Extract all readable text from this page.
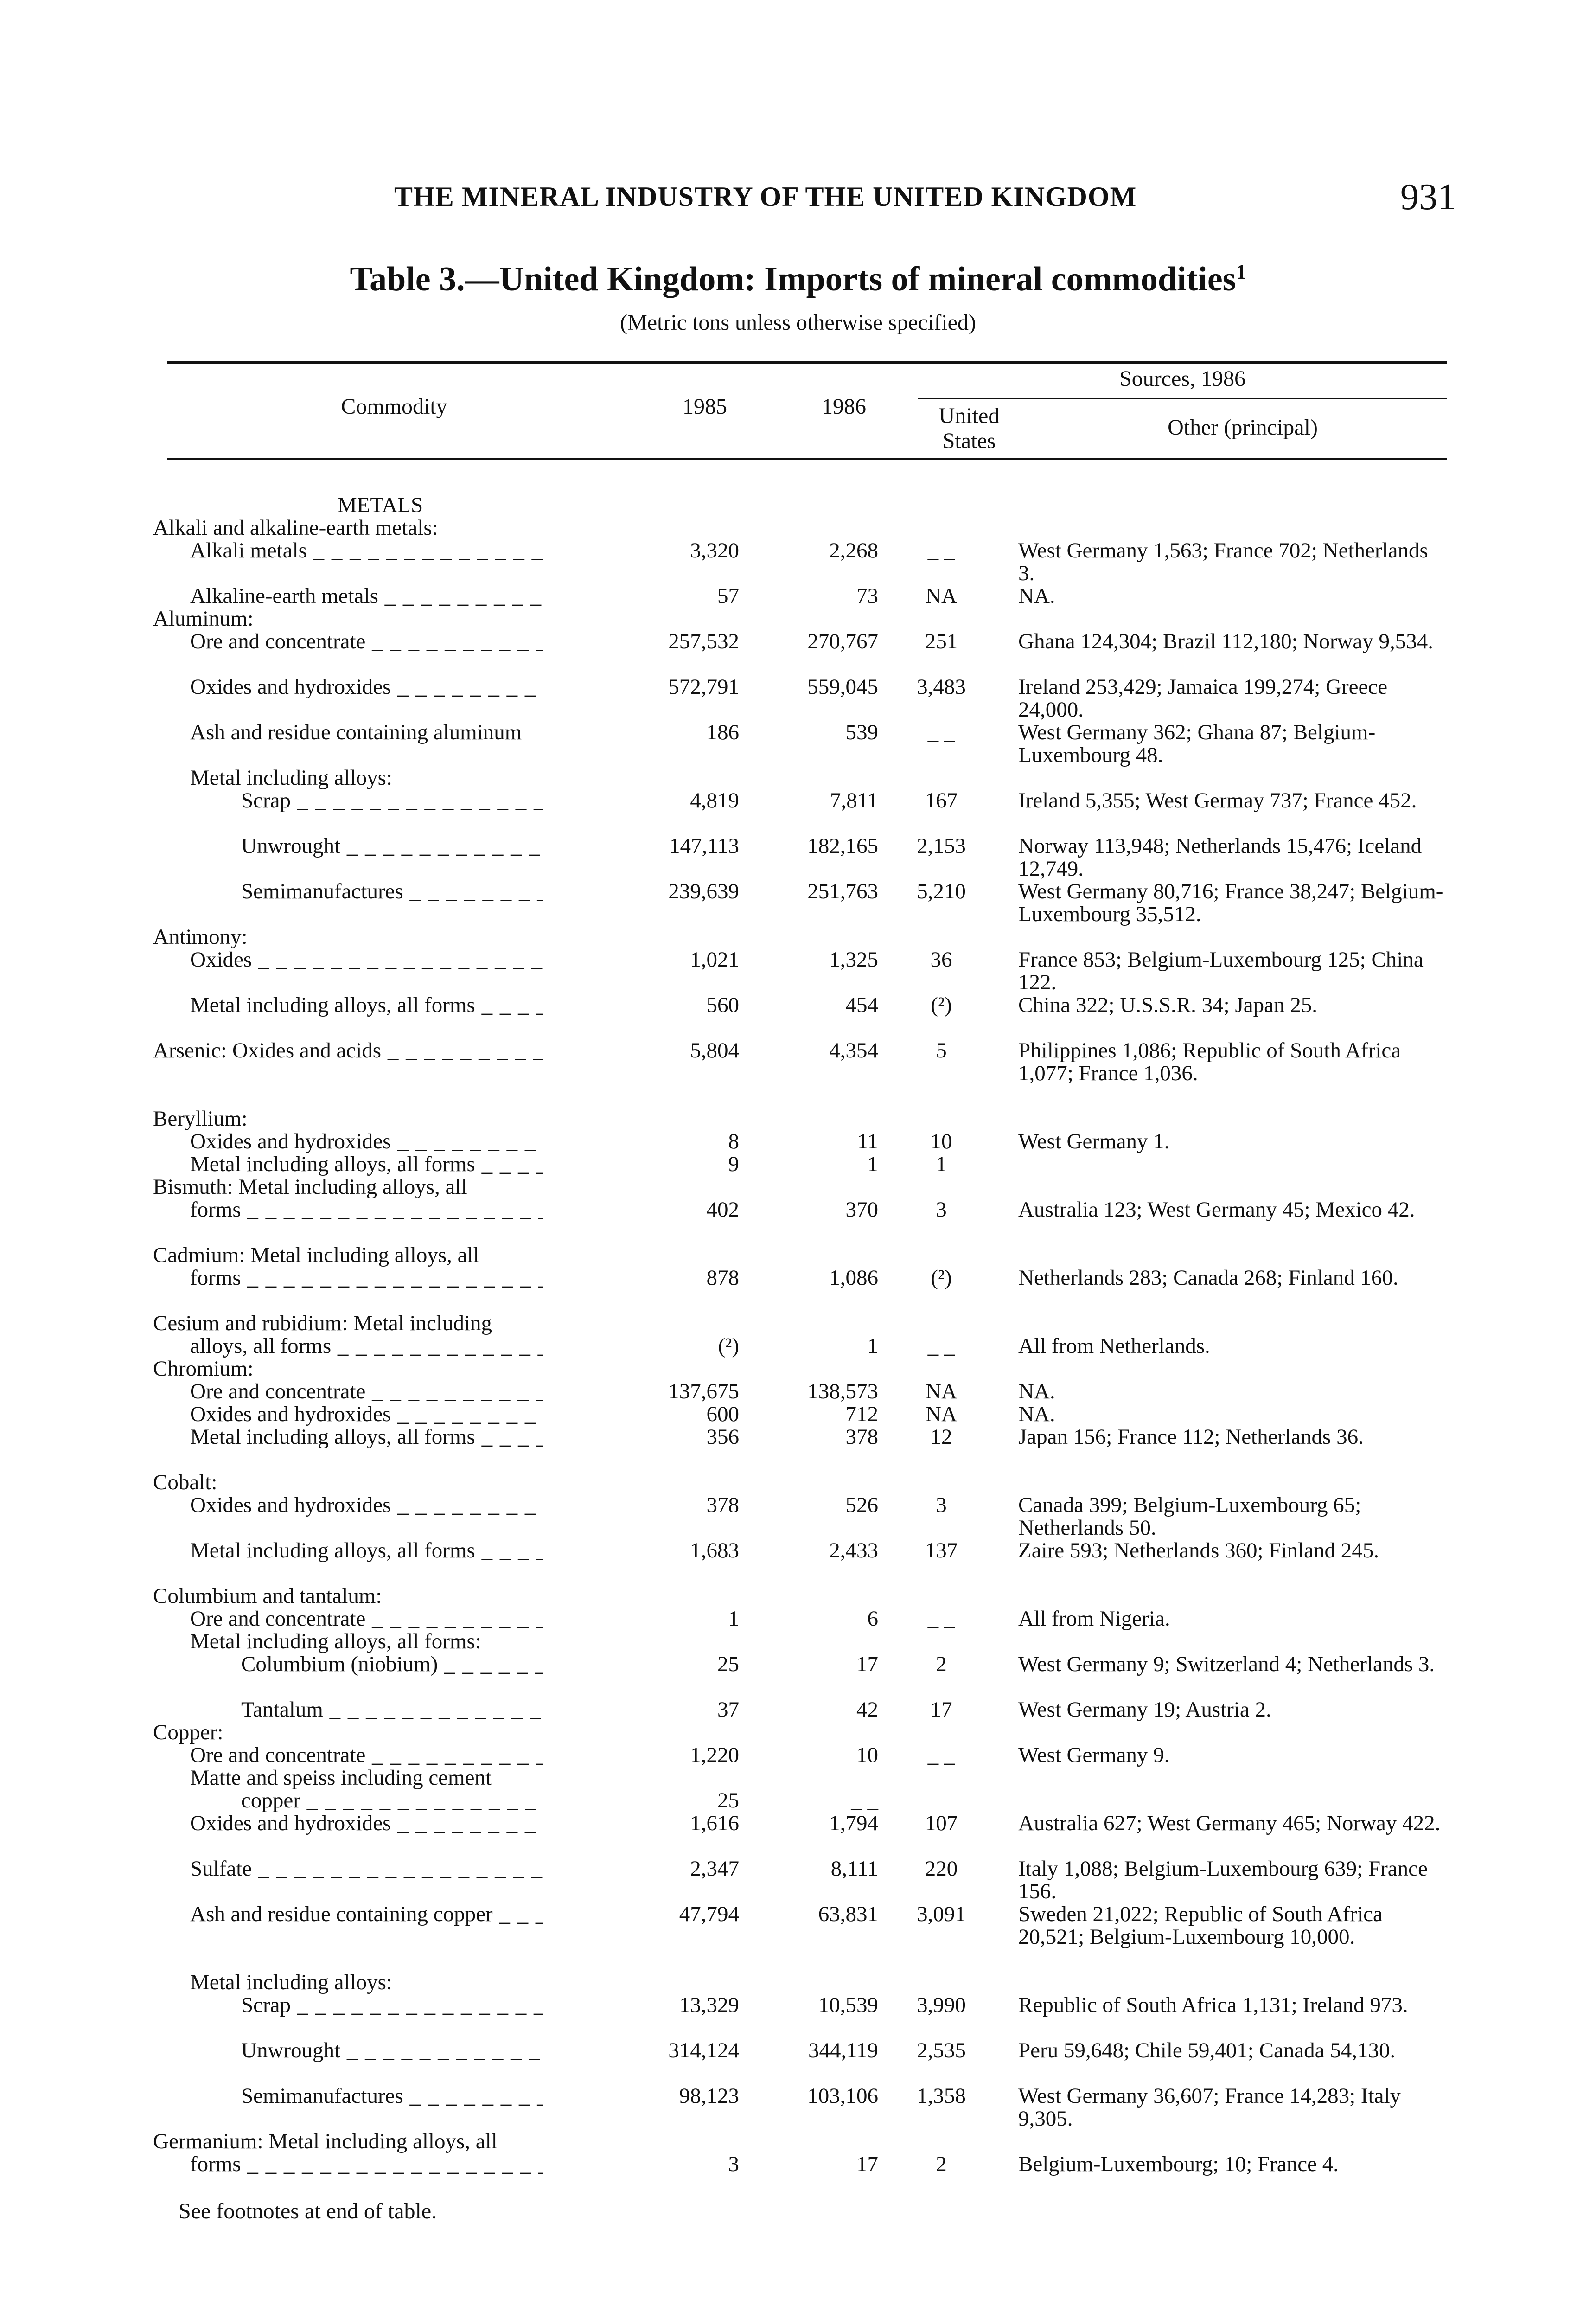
THE MINERAL INDUSTRY OF THE UNITED KINGDOM	931
Table 3.—United Kingdom: Imports of mineral commodities$^1$
(Metric tons unless otherwise specified)
Commodity	1985	1986
Sources, 1986
United States
Other (principal)
METALS				

Alkali and alkaline-earth metals:				

Alkali metals _ _ _	3,320	2,268	_ _	West Germany 1,563; France 702; Netherlands 3.

Alkaline-earth metals _ _ _	57	73	NA	NA.

Aluminum:				

Ore and concentrate _ _ _	257,532	270,767	251	Ghana 124,304; Brazil 112,180; Norway 9,534.

Oxides and hydroxides _ _ _	572,791	559,045	3,483	Ireland 253,429; Jamaica 199,274; Greece 24,000.

Ash and residue containing aluminum	186	539	_ _	West Germany 362; Ghana 87; Belgium-Luxembourg 48.

Metal including alloys:				

Scrap _ _ _	4,819	7,811	167	Ireland 5,355; West Germay 737; France 452.

Unwrought _ _ _	147,113	182,165	2,153	Norway 113,948; Netherlands 15,476; Iceland 12,749.

Semimanufactures _ _ _	239,639	251,763	5,210	West Germany 80,716; France 38,247; Belgium-Luxembourg 35,512.

Antimony:				

Oxides _ _ _	1,021	1,325	36	France 853; Belgium-Luxembourg 125; China 122.

Metal including alloys, all forms _ _ _	560	454	(²)	China 322; U.S.S.R. 34; Japan 25.

Arsenic: Oxides and acids _ _ _	5,804	4,354	5	Philippines 1,086; Republic of South Africa 1,077; France 1,036.

Beryllium:				

Oxides and hydroxides _ _ _	8	11	10	West Germany 1.

Metal including alloys, all forms _ _ _	9	1	1	

Bismuth: Metal including alloys, all				

forms _ _ _	402	370	3	Australia 123; West Germany 45; Mexico 42.

Cadmium: Metal including alloys, all				

forms _ _ _	878	1,086	(²)	Netherlands 283; Canada 268; Finland 160.

Cesium and rubidium: Metal including				

alloys, all forms _ _ _	(²)	1	_ _	All from Netherlands.

Chromium:				

Ore and concentrate _ _ _	137,675	138,573	NA	NA.

Oxides and hydroxides _ _ _	600	712	NA	NA.

Metal including alloys, all forms _ _ _	356	378	12	Japan 156; France 112; Netherlands 36.

Cobalt:				

Oxides and hydroxides _ _ _	378	526	3	Canada 399; Belgium-Luxembourg 65; Netherlands 50.

Metal including alloys, all forms _ _ _	1,683	2,433	137	Zaire 593; Netherlands 360; Finland 245.

Columbium and tantalum:				

Ore and concentrate _ _ _	1	6	_ _	All from Nigeria.

Metal including alloys, all forms:				

Columbium (niobium) _ _ _	25	17	2	West Germany 9; Switzerland 4; Netherlands 3.

Tantalum _ _ _	37	42	17	West Germany 19; Austria 2.

Copper:				

Ore and concentrate _ _ _	1,220	10	_ _	West Germany 9.

Matte and speiss including cement				

copper _ _ _	25	_ _		

Oxides and hydroxides _ _ _	1,616	1,794	107	Australia 627; West Germany 465; Norway 422.

Sulfate _ _ _	2,347	8,111	220	Italy 1,088; Belgium-Luxembourg 639; France 156.

Ash and residue containing copper _ _ _	47,794	63,831	3,091	Sweden 21,022; Republic of South Africa 20,521; Belgium-Luxembourg 10,000.

Metal including alloys:				

Scrap _ _ _	13,329	10,539	3,990	Republic of South Africa 1,131; Ireland 973.

Unwrought _ _ _	314,124	344,119	2,535	Peru 59,648; Chile 59,401; Canada 54,130.

Semimanufactures _ _ _	98,123	103,106	1,358	West Germany 36,607; France 14,283; Italy 9,305.

Germanium: Metal including alloys, all				

forms _ _ _	3	17	2	Belgium-Luxembourg; 10; France 4.
See footnotes at end of table.
